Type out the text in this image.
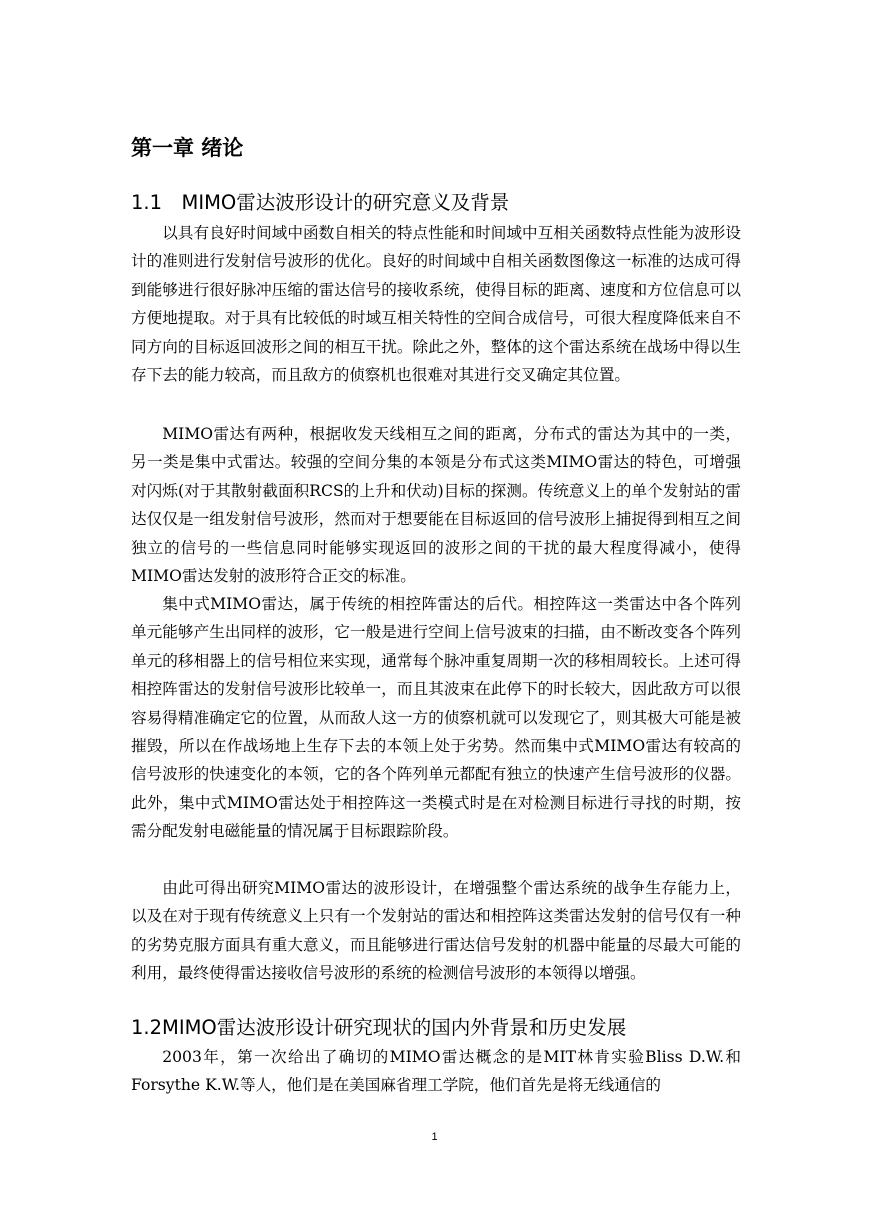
第一章 绪论
1.1　MIMO雷达波形设计的研究意义及背景

以具有良好时间域中函数自相关的特点性能和时间域中互相关函数特点性能为波形设计的准则进行发射信号波形的优化。良好的时间域中自相关函数图像这一标准的达成可得到能够进行很好脉冲压缩的雷达信号的接收系统，使得目标的距离、速度和方位信息可以方便地提取。对于具有比较低的时域互相关特性的空间合成信号，可很大程度降低来自不同方向的目标返回波形之间的相互干扰。除此之外，整体的这个雷达系统在战场中得以生存下去的能力较高，而且敌方的侦察机也很难对其进行交叉确定其位置。

MIMO雷达有两种，根据收发天线相互之间的距离，分布式的雷达为其中的一类，另一类是集中式雷达。较强的空间分集的本领是分布式这类MIMO雷达的特色，可增强对闪烁(对于其散射截面积RCS的上升和伏动)目标的探测。传统意义上的单个发射站的雷达仅仅是一组发射信号波形，然而对于想要能在目标返回的信号波形上捕捉得到相互之间独立的信号的一些信息同时能够实现返回的波形之间的干扰的最大程度得减小，使得MIMO雷达发射的波形符合正交的标准。

集中式MIMO雷达，属于传统的相控阵雷达的后代。相控阵这一类雷达中各个阵列单元能够产生出同样的波形，它一般是进行空间上信号波束的扫描，由不断改变各个阵列单元的移相器上的信号相位来实现，通常每个脉冲重复周期一次的移相周较长。上述可得相控阵雷达的发射信号波形比较单一，而且其波束在此停下的时长较大，因此敌方可以很容易得精准确定它的位置，从而敌人这一方的侦察机就可以发现它了，则其极大可能是被摧毁，所以在作战场地上生存下去的本领上处于劣势。然而集中式MIMO雷达有较高的信号波形的快速变化的本领，它的各个阵列单元都配有独立的快速产生信号波形的仪器。此外，集中式MIMO雷达处于相控阵这一类模式时是在对检测目标进行寻找的时期，按需分配发射电磁能量的情况属于目标跟踪阶段。

由此可得出研究MIMO雷达的波形设计，在增强整个雷达系统的战争生存能力上，以及在对于现有传统意义上只有一个发射站的雷达和相控阵这类雷达发射的信号仅有一种的劣势克服方面具有重大意义，而且能够进行雷达信号发射的机器中能量的尽最大可能的利用，最终使得雷达接收信号波形的系统的检测信号波形的本领得以增强。

1.2MIMO雷达波形设计研究现状的国内外背景和历史发展

2003年，第一次给出了确切的MIMO雷达概念的是MIT林肯实验Bliss D.W.和Forsythe K.W.等人，他们是在美国麻省理工学院，他们首先是将无线通信的

1
